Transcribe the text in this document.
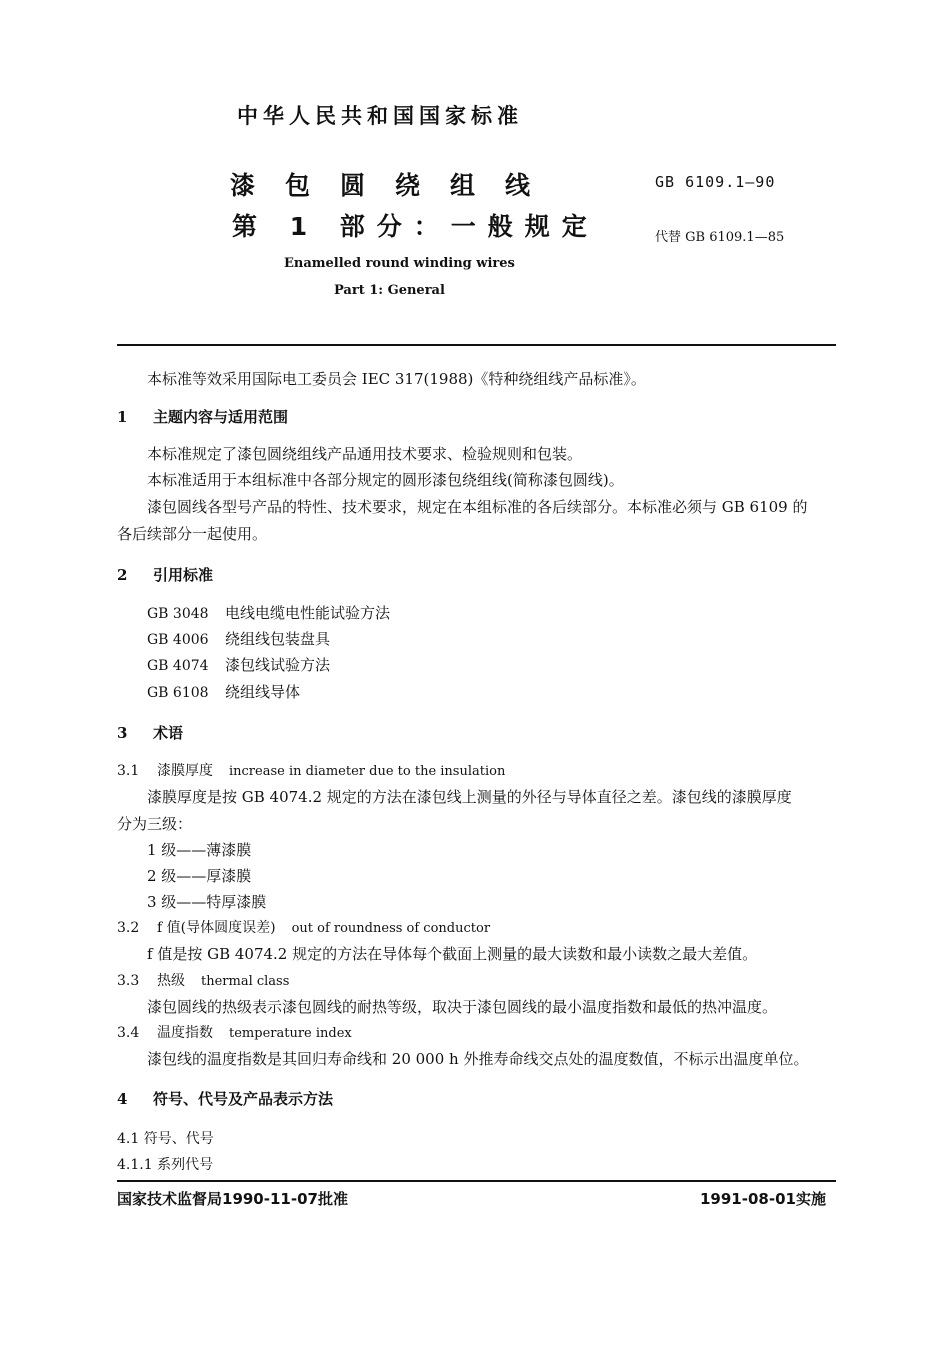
中华人民共和国国家标准
漆包圆绕组线
第 1 部分：一般规定
GB 6109.1—90
代替 GB 6109.1—85
Enamelled round winding wires
Part 1: General
本标准等效采用国际电工委员会 IEC 317(1988)《特种绕组线产品标准》。
1 主题内容与适用范围
本标准规定了漆包圆绕组线产品通用技术要求、检验规则和包装。
本标准适用于本组标准中各部分规定的圆形漆包绕组线(简称漆包圆线)。
漆包圆线各型号产品的特性、技术要求，规定在本组标准的各后续部分。本标准必须与 GB 6109 的
各后续部分一起使用。
2 引用标准
GB 3048 电线电缆电性能试验方法
GB 4006 绕组线包装盘具
GB 4074 漆包线试验方法
GB 6108 绕组线导体
3 术语
3.1 漆膜厚度 increase in diameter due to the insulation
漆膜厚度是按 GB 4074.2 规定的方法在漆包线上测量的外径与导体直径之差。漆包线的漆膜厚度
分为三级：
1 级——薄漆膜
2 级——厚漆膜
3 级——特厚漆膜
3.2 f 值(导体圆度误差) out of roundness of conductor
f 值是按 GB 4074.2 规定的方法在导体每个截面上测量的最大读数和最小读数之最大差值。
3.3 热级 thermal class
漆包圆线的热级表示漆包圆线的耐热等级，取决于漆包圆线的最小温度指数和最低的热冲温度。
3.4 温度指数 temperature index
漆包线的温度指数是其回归寿命线和 20 000 h 外推寿命线交点处的温度数值，不标示出温度单位。
4 符号、代号及产品表示方法
4.1 符号、代号
4.1.1 系列代号
国家技术监督局1990-11-07批准	1991-08-01实施
